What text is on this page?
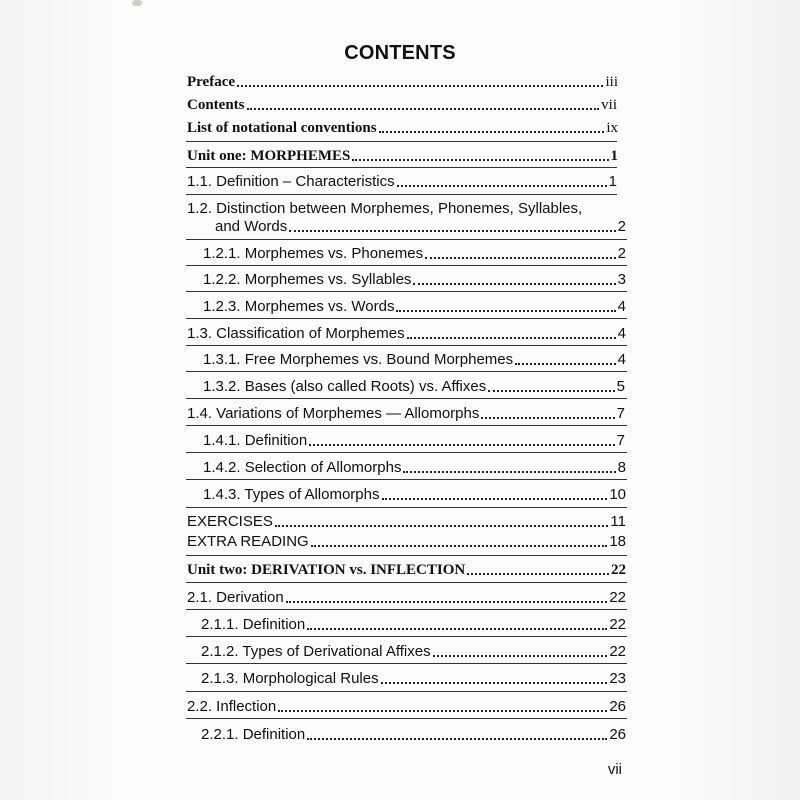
CONTENTS
Preface	iii
Contents	vii
List of notational conventions	ix
Unit one: MORPHEMES	1
1.1. Definition – Characteristics	1
1.2. Distinction between Morphemes, Phonemes, Syllables,
and Words	2
1.2.1. Morphemes vs. Phonemes	2
1.2.2. Morphemes vs. Syllables	3
1.2.3. Morphemes vs. Words	4
1.3. Classification of Morphemes	4
1.3.1. Free Morphemes vs. Bound Morphemes	4
1.3.2. Bases (also called Roots) vs. Affixes	5
1.4. Variations of Morphemes — Allomorphs	7
1.4.1. Definition	7
1.4.2. Selection of Allomorphs	8
1.4.3. Types of Allomorphs	10
EXERCISES	11
EXTRA READING	18
Unit two: DERIVATION vs. INFLECTION	22
2.1. Derivation	22
2.1.1. Definition	22
2.1.2. Types of Derivational Affixes	22
2.1.3. Morphological Rules	23
2.2. Inflection	26
2.2.1. Definition	26
vii
